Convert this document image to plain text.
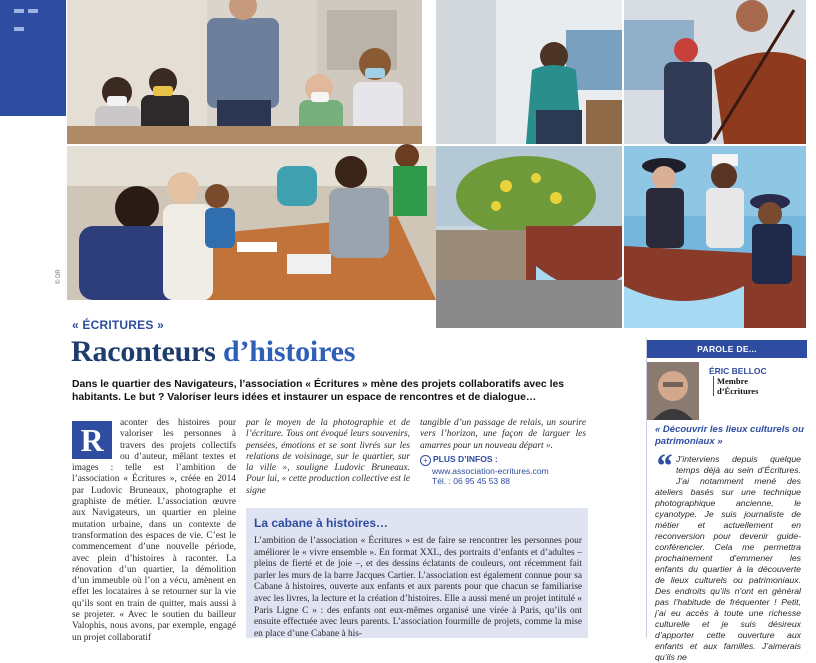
© DR
« ÉCRITURES »
Raconteurs d’histoires
Dans le quartier des Navigateurs, l’association « Écritures » mène des projets collaboratifs avec les habitants. Le but ? Valoriser leurs idées et instaurer un espace de rencontres et de dialogue…
R	aconter des histoires pour valoriser les personnes à travers des projets collectifs ou d’auteur, mêlant textes et images : telle est l’ambition de l’association « Écritures », créée en 2014 par Ludovic Bruneaux, photographe et graphiste de métier. L’association œuvre aux Navigateurs, un quartier en pleine mutation urbaine, dans un contexte de transformation des espaces de vie. C’est le commencement d’une nouvelle période, avec plein d’histoires à raconter. La rénovation d’un quartier, la démolition d’un immeuble où l’on a vécu, amènent en effet les locataires à se retourner sur la vie qu’ils sont en train de quitter, mais aussi à se projeter. « Avec le soutien du bailleur Valophis, nous avons, par exemple, engagé un projet collaboratif
par le moyen de la photographie et de l’écriture. Tous ont évoqué leurs souvenirs, pensées, émotions et se sont livrés sur les relations de voisinage, sur le quartier, sur la ville », souligne Ludovic Bruneaux. Pour lui, « cette production collective est le signe
tangible d’un passage de relais, un sourire vers l’horizon, une façon de larguer les amarres pour un nouveau départ ».
+ PLUS D’INFOS :
www.association-ecritures.com
Tél. : 06 95 45 53 88
La cabane à histoires…
L’ambition de l’association « Écritures » est de faire se rencontrer les personnes pour améliorer le « vivre ensemble ». En format XXL, des portraits d’enfants et d’adultes – pleins de fierté et de joie –, et des dessins éclatants de couleurs, ont récemment fait parler les murs de la barre Jacques Cartier. L’association est également connue pour sa Cabane à histoires, ouverte aux enfants et aux parents pour que chacun se familiarise avec les livres, la lecture et la création d’histoires. Elle a aussi mené un projet intitulé « Paris Ligne C » : des enfants ont eux-mêmes organisé une virée à Paris, qu’ils ont ensuite effectuée avec leurs parents. L’association fourmille de projets, comme la mise en place d’une Cabane à his-
PAROLE DE...
ÉRIC BELLOC
Membre
d’Écritures
« Découvrir les lieux culturels ou patrimoniaux »
“ J’interviens depuis quelque temps déjà au sein d’Écritures. J’ai notamment mené des ateliers basés sur une technique photographique ancienne, le cyanotype. Je suis journaliste de métier et actuellement en reconversion pour devenir guide-conférencier. Cela me permettra prochainement d’emmener les enfants du quartier à la découverte de lieux culturels ou patrimoniaux. Des endroits qu’ils n’ont en général pas l’habitude de fréquenter ! Petit, j’ai eu accès à toute une richesse culturelle et je suis désireux d’apporter cette ouverture aux enfants et aux familles. J’aimerais qu’ils ne
